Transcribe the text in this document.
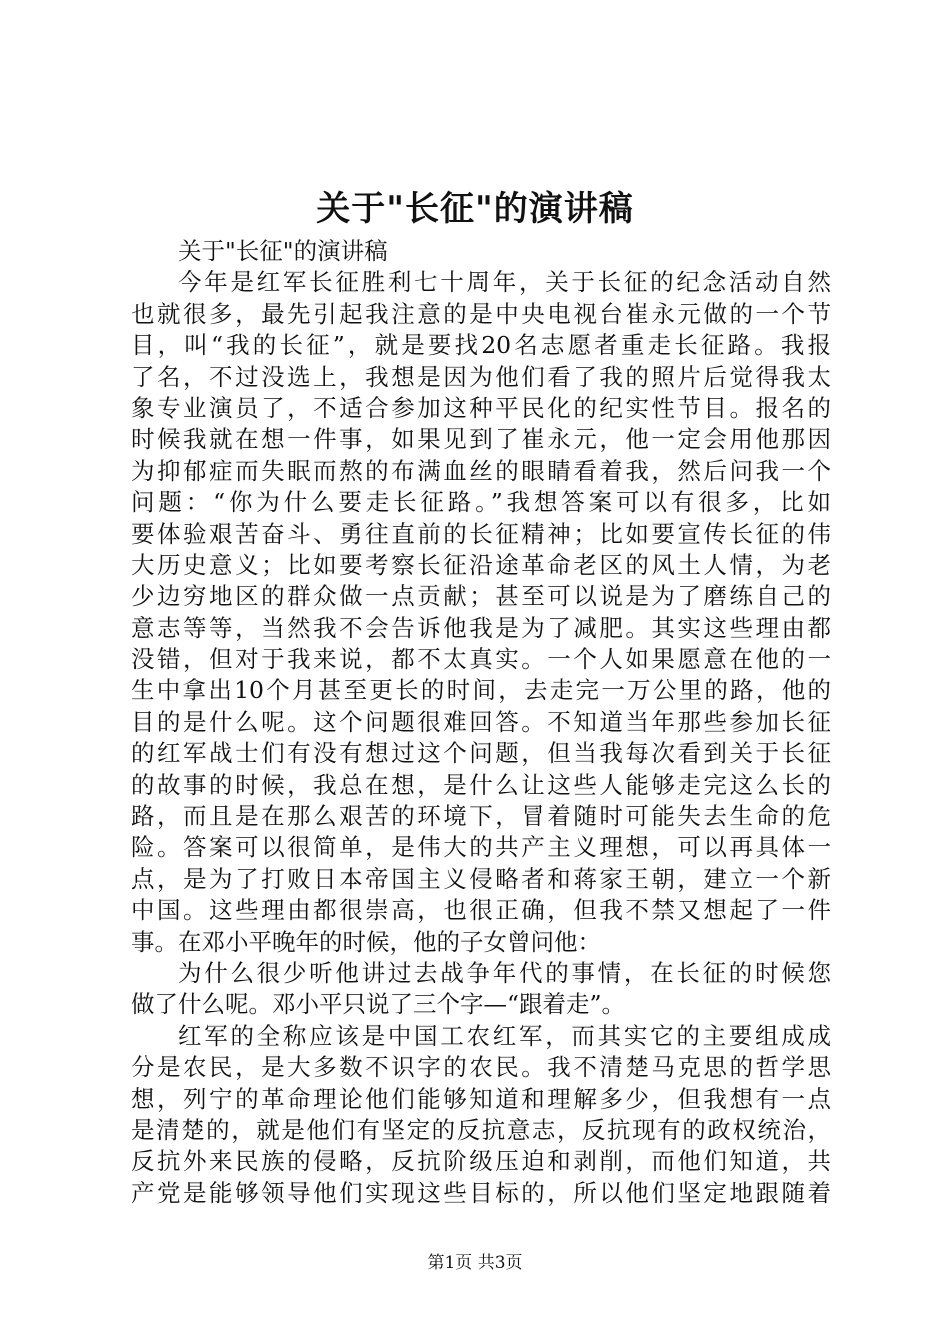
关于"长征"的演讲稿
关于"长征"的演讲稿
今年是红军长征胜利七十周年，关于长征的纪念活动自然
也就很多，最先引起我注意的是中央电视台崔永元做的一个节
目，叫“我的长征”，就是要找20名志愿者重走长征路。我报
了名，不过没选上，我想是因为他们看了我的照片后觉得我太
象专业演员了，不适合参加这种平民化的纪实性节目。报名的
时候我就在想一件事，如果见到了崔永元，他一定会用他那因
为抑郁症而失眠而熬的布满血丝的眼睛看着我，然后问我一个
问题：“你为什么要走长征路。”我想答案可以有很多，比如
要体验艰苦奋斗、勇往直前的长征精神；比如要宣传长征的伟
大历史意义；比如要考察长征沿途革命老区的风土人情，为老
少边穷地区的群众做一点贡献；甚至可以说是为了磨练自己的
意志等等，当然我不会告诉他我是为了减肥。其实这些理由都
没错，但对于我来说，都不太真实。一个人如果愿意在他的一
生中拿出10个月甚至更长的时间，去走完一万公里的路，他的
目的是什么呢。这个问题很难回答。不知道当年那些参加长征
的红军战士们有没有想过这个问题，但当我每次看到关于长征
的故事的时候，我总在想，是什么让这些人能够走完这么长的
路，而且是在那么艰苦的环境下，冒着随时可能失去生命的危
险。答案可以很简单，是伟大的共产主义理想，可以再具体一
点，是为了打败日本帝国主义侵略者和蒋家王朝，建立一个新
中国。这些理由都很崇高，也很正确，但我不禁又想起了一件
事。在邓小平晚年的时候，他的子女曾问他：
为什么很少听他讲过去战争年代的事情，在长征的时候您
做了什么呢。邓小平只说了三个字—“跟着走”。
红军的全称应该是中国工农红军，而其实它的主要组成成
分是农民，是大多数不识字的农民。我不清楚马克思的哲学思
想，列宁的革命理论他们能够知道和理解多少，但我想有一点
是清楚的，就是他们有坚定的反抗意志，反抗现有的政权统治，
反抗外来民族的侵略，反抗阶级压迫和剥削，而他们知道，共
产党是能够领导他们实现这些目标的，所以他们坚定地跟随着
第1页 共3页
